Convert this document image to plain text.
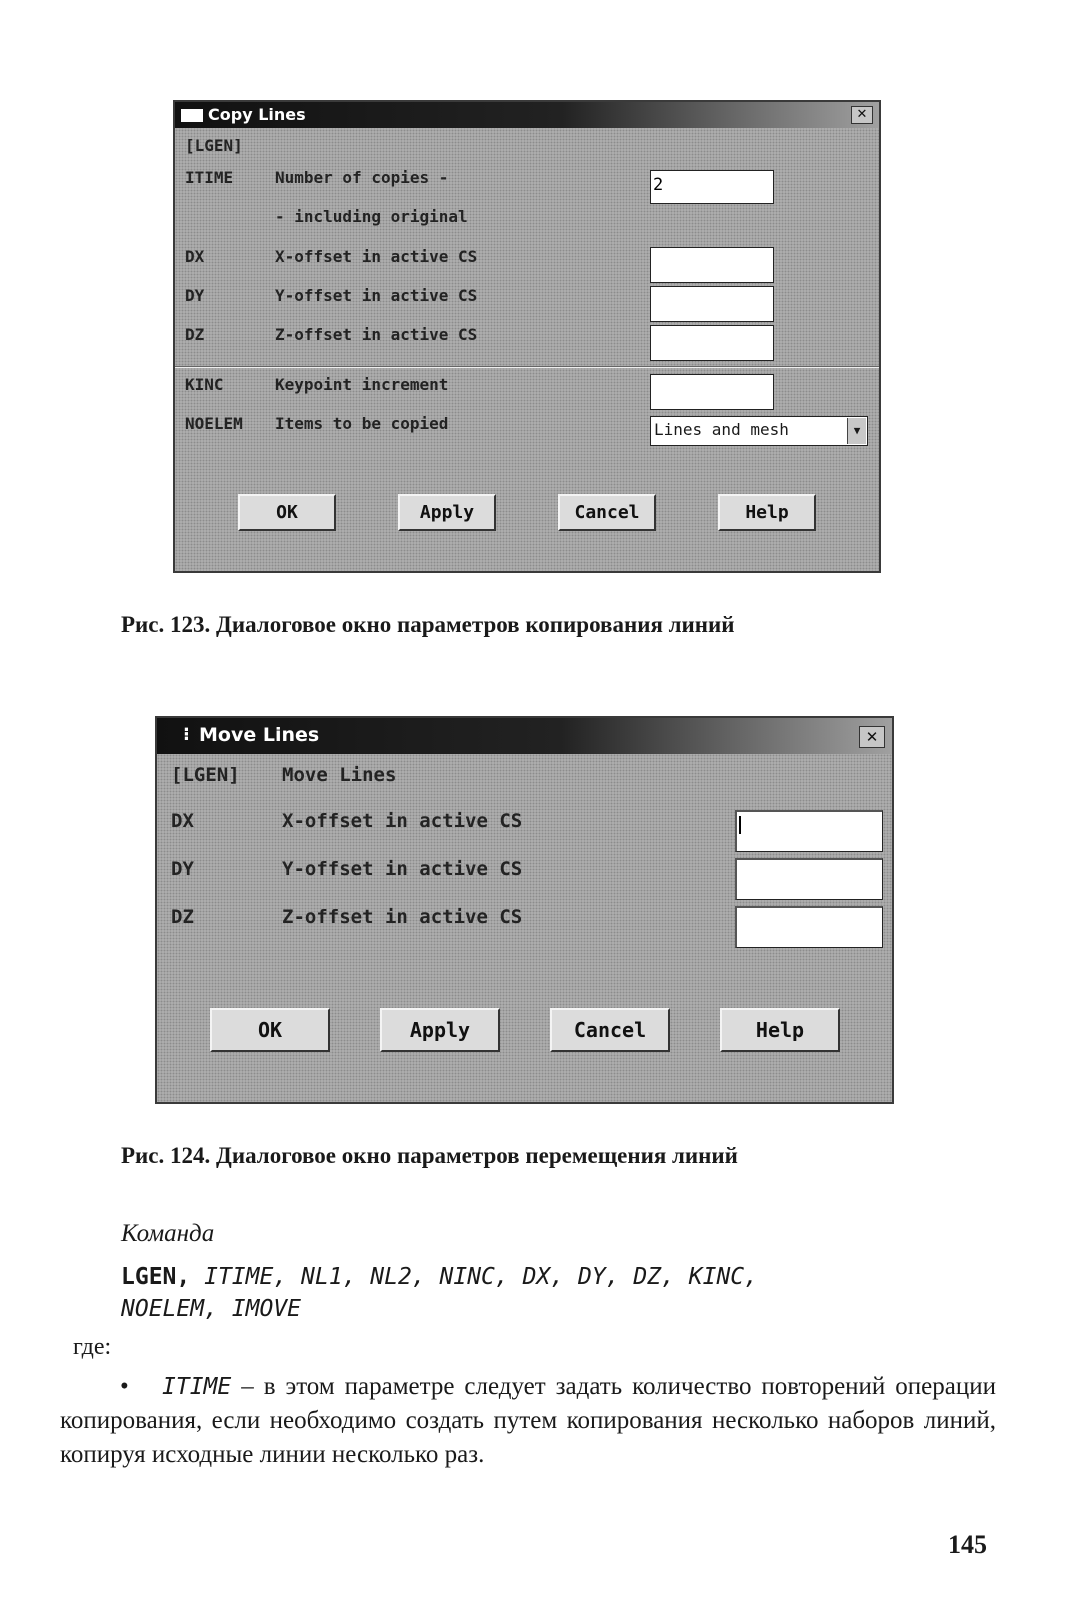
Copy Lines	✕
[LGEN]
ITIME	Number of copies -	2
- including original
DX	X-offset in active CS
DY	Y-offset in active CS
DZ	Z-offset in active CS
KINC	Keypoint increment
NOELEM Items to be copied	Lines and mesh	▼
OK	Apply	Cancel	Help
Рис. 123. Диалоговое окно параметров копирования линий
⁝ Move Lines	✕
[LGEN] Move Lines
DX	X-offset in active CS
DY	Y-offset in active CS
DZ	Z-offset in active CS
OK	Apply	Cancel	Help
Рис. 124. Диалоговое окно параметров перемещения линий
Команда
LGEN, ITIME, NL1, NL2, NINC, DX, DY, DZ, KINC,
NOELEM, IMOVE
где:
• ITIME – в этом параметре следует задать количество повторений операции копирования, если необходимо создать путем копирования несколько наборов линий, копируя исходные линии несколько раз.
145
